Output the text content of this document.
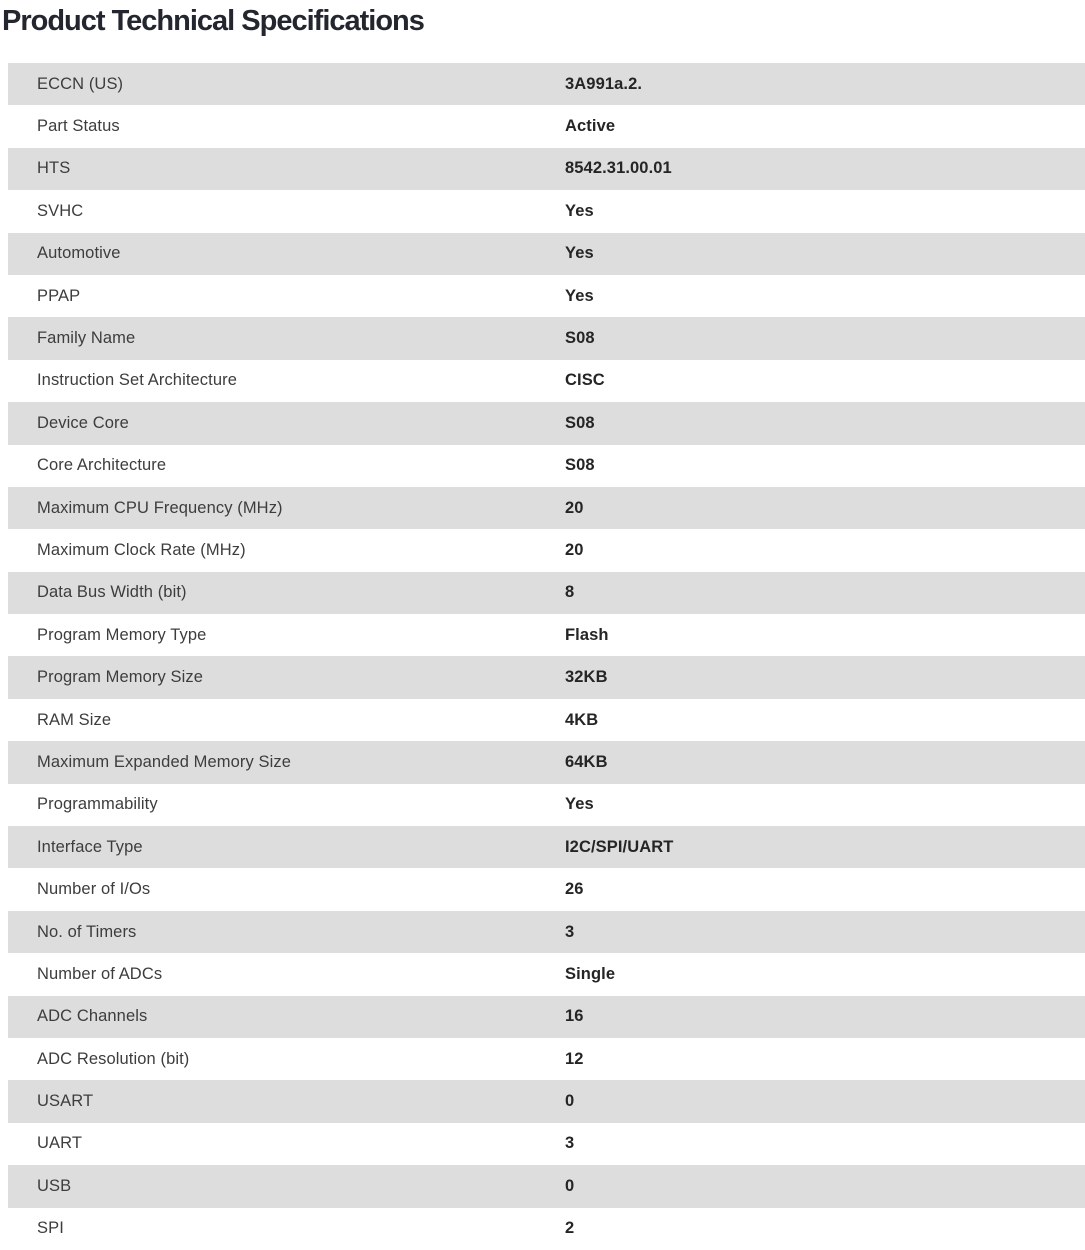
Product Technical Specifications
ECCN (US)	3A991a.2.
Part Status	Active
HTS	8542.31.00.01
SVHC	Yes
Automotive	Yes
PPAP	Yes
Family Name	S08
Instruction Set Architecture	CISC
Device Core	S08
Core Architecture	S08
Maximum CPU Frequency (MHz)	20
Maximum Clock Rate (MHz)	20
Data Bus Width (bit)	8
Program Memory Type	Flash
Program Memory Size	32KB
RAM Size	4KB
Maximum Expanded Memory Size	64KB
Programmability	Yes
Interface Type	I2C/SPI/UART
Number of I/Os	26
No. of Timers	3
Number of ADCs	Single
ADC Channels	16
ADC Resolution (bit)	12
USART	0
UART	3
USB	0
SPI	2
